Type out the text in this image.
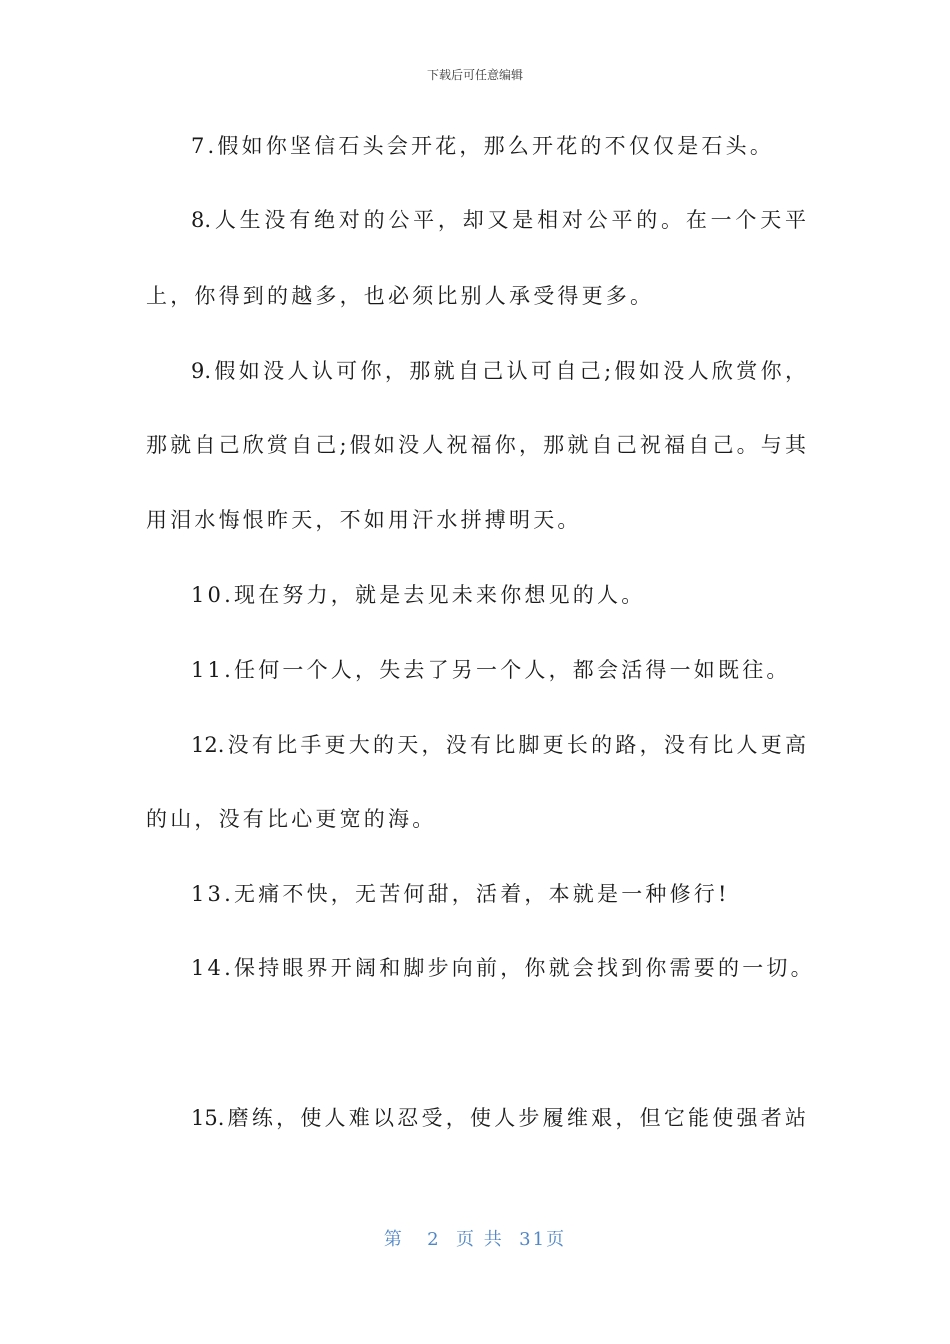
下载后可任意编辑
7.假如你坚信石头会开花，那么开花的不仅仅是石头。
8.人生没有绝对的公平，却又是相对公平的。在一个天平
上，你得到的越多，也必须比别人承受得更多。
9.假如没人认可你，那就自己认可自己;假如没人欣赏你，
那就自己欣赏自己;假如没人祝福你，那就自己祝福自己。与其
用泪水悔恨昨天，不如用汗水拼搏明天。
10.现在努力，就是去见未来你想见的人。
11.任何一个人，失去了另一个人，都会活得一如既往。
12.没有比手更大的天，没有比脚更长的路，没有比人更高
的山，没有比心更宽的海。
13.无痛不快，无苦何甜，活着，本就是一种修行!
14.保持眼界开阔和脚步向前，你就会找到你需要的一切。
15.磨练，使人难以忍受，使人步履维艰，但它能使强者站
第 2 页 共 31页
